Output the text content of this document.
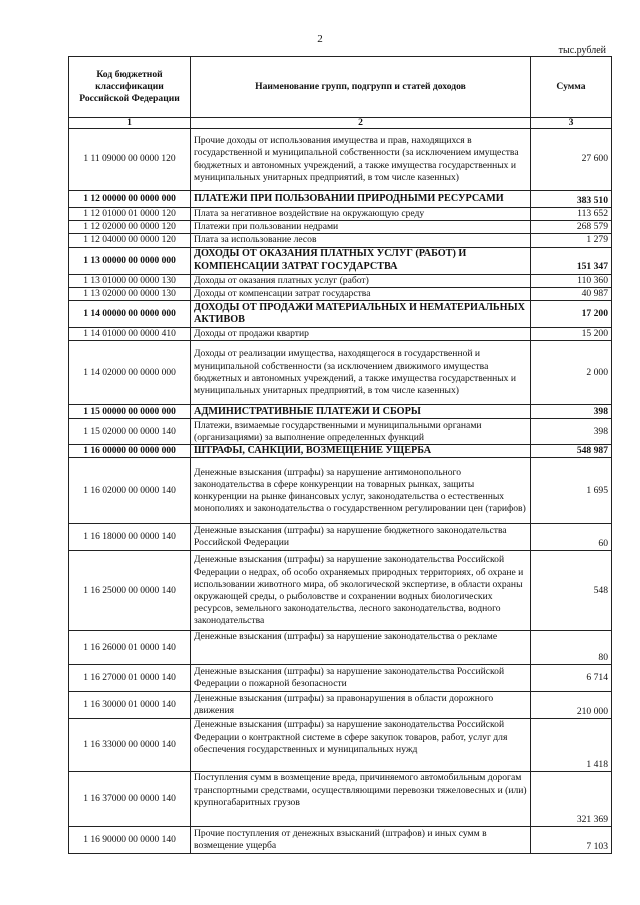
2
тыс.рублей
Код бюджетной классификации Российской Федерации	Наименование групп, подгрупп и статей доходов	Сумма
1	2	3
1 11 09000 00 0000 120	Прочие доходы от использования имущества и прав, находящихся в государственной и муниципальной собственности (за исключением имущества бюджетных и автономных учреждений, а также имущества государственных и муниципальных унитарных предприятий, в том числе казенных)	27 600
1 12 00000 00 0000 000	ПЛАТЕЖИ ПРИ ПОЛЬЗОВАНИИ ПРИРОДНЫМИ РЕСУРСАМИ	383 510
1 12 01000 01 0000 120	Плата за негативное воздействие на окружающую среду	113 652
1 12 02000 00 0000 120	Платежи при пользовании недрами	268 579
1 12 04000 00 0000 120	Плата за использование лесов	1 279
1 13 00000 00 0000 000	ДОХОДЫ ОТ ОКАЗАНИЯ ПЛАТНЫХ УСЛУГ (РАБОТ) И КОМПЕНСАЦИИ ЗАТРАТ ГОСУДАРСТВА	151 347
1 13 01000 00 0000 130	Доходы от оказания платных услуг (работ)	110 360
1 13 02000 00 0000 130	Доходы от компенсации затрат государства	40 987
1 14 00000 00 0000 000	ДОХОДЫ ОТ ПРОДАЖИ МАТЕРИАЛЬНЫХ И НЕМАТЕРИАЛЬНЫХ АКТИВОВ	17 200
1 14 01000 00 0000 410	Доходы от продажи квартир	15 200
1 14 02000 00 0000 000	Доходы от реализации имущества, находящегося в государственной и муниципальной собственности (за исключением движимого имущества бюджетных и автономных учреждений, а также имущества государственных и муниципальных унитарных предприятий, в том числе казенных)	2 000
1 15 00000 00 0000 000	АДМИНИСТРАТИВНЫЕ ПЛАТЕЖИ И СБОРЫ	398
1 15 02000 00 0000 140	Платежи, взимаемые государственными и муниципальными органами (организациями) за выполнение определенных функций	398
1 16 00000 00 0000 000	ШТРАФЫ, САНКЦИИ, ВОЗМЕЩЕНИЕ УЩЕРБА	548 987
1 16 02000 00 0000 140	Денежные взыскания (штрафы) за нарушение антимонопольного законодательства в сфере конкуренции на товарных рынках, защиты конкуренции на рынке финансовых услуг, законодательства о естественных монополиях и законодательства о государственном регулировании цен (тарифов)	1 695
1 16 18000 00 0000 140	Денежные взыскания (штрафы) за нарушение бюджетного законодательства Российской Федерации	60
1 16 25000 00 0000 140	Денежные взыскания (штрафы) за нарушение законодательства Российской Федерации о недрах, об особо охраняемых природных территориях, об охране и использовании животного мира, об экологической экспертизе, в области охраны окружающей среды, о рыболовстве и сохранении водных биологических ресурсов, земельного законодательства, лесного законодательства, водного законодательства	548
1 16 26000 01 0000 140	Денежные взыскания (штрафы) за нарушение законодательства о рекламе	80
1 16 27000 01 0000 140	Денежные взыскания (штрафы) за нарушение законодательства Российской Федерации о пожарной безопасности	6 714
1 16 30000 01 0000 140	Денежные взыскания (штрафы) за правонарушения в области дорожного движения	210 000
1 16 33000 00 0000 140	Денежные взыскания (штрафы) за нарушение законодательства Российской Федерации о контрактной системе в сфере закупок товаров, работ, услуг для обеспечения государственных и муниципальных нужд	1 418
1 16 37000 00 0000 140	Поступления сумм в возмещение вреда, причиняемого автомобильным дорогам транспортными средствами, осуществляющими перевозки тяжеловесных и (или) крупногабаритных грузов	321 369
1 16 90000 00 0000 140	Прочие поступления от денежных взысканий (штрафов) и иных сумм в возмещение ущерба	7 103
